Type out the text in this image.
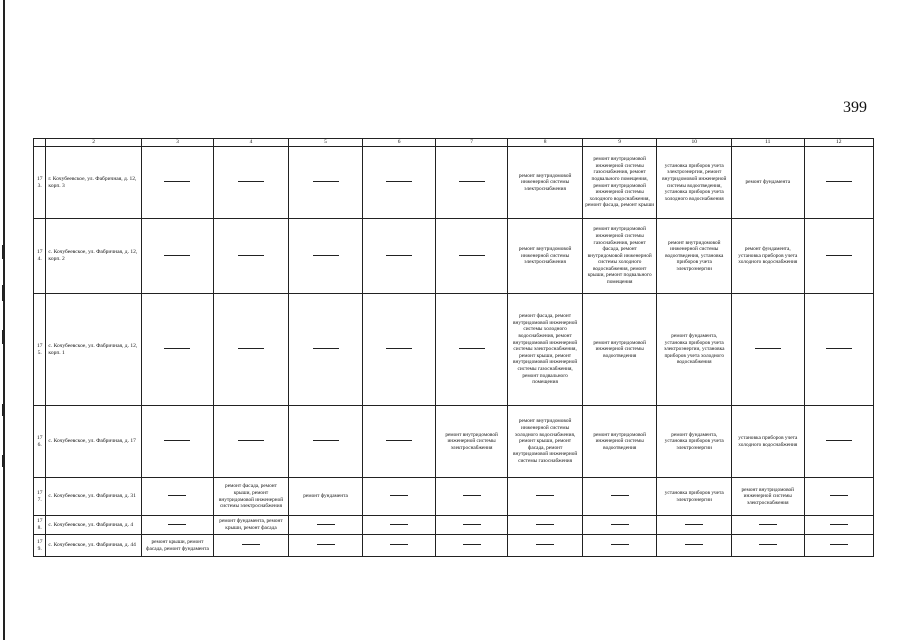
399
	2	3	4	5	6	7	8	9	10	11	12
173.	г. Кочубеевское, ул. Фабричная, д. 12, корп. 3						ремонт внутридомовой инженерной системы электроснабжения	ремонт внутридомовой инженерной системы газоснабжения, ремонт подвального помещения, ремонт внутридомовой инженерной системы холодного водоснабжения, ремонт фасада, ремонт крыши	установка приборов учета электроэнергии, ремонт внутридомовой инженерной системы водоотведения, установка приборов учета холодного водоснабжения	ремонт фундамента	
174.	с. Кочубеевское, ул. Фабричная, д. 12, корп. 2						ремонт внутридомовой инженерной системы электроснабжения	ремонт внутридомовой инженерной системы газоснабжения, ремонт фасада, ремонт внутридомовой инженерной системы холодного водоснабжения, ремонт крыши, ремонт подвального помещения	ремонт внутридомовой инженерной системы водоотведения, установка приборов учета электроэнергии	ремонт фундамента, установка приборов учета холодного водоснабжения	
175.	с. Кочубеевское, ул. Фабричная, д. 12, корп. 1						ремонт фасада, ремонт внутридомовой инженерной системы холодного водоснабжения, ремонт внутридомовой инженерной системы электроснабжения, ремонт крыши, ремонт внутридомовой инженерной системы газоснабжения, ремонт подвального помещения	ремонт внутридомовой инженерной системы водоотведения	ремонт фундамента, установка приборов учета электроэнергии, установка приборов учета холодного водоснабжения		
176.	с. Кочубеевское, ул. Фабричная, д. 17					ремонт внутридомовой инженерной системы электроснабжения	ремонт внутридомовой инженерной системы холодного водоснабжения, ремонт крыши, ремонт фасада, ремонт внутридомовой инженерной системы газоснабжения	ремонт внутридомовой инженерной системы водоотведения	ремонт фундамента, установка приборов учета электроэнергии	установка приборов учета холодного водоснабжения	
177.	с. Кочубеевское, ул. Фабричная, д. 31		ремонт фасада, ремонт крыши, ремонт внутридомовой инженерной системы электроснабжения	ремонт фундамента					установка приборов учета электроэнергии	ремонт внутридомовой инженерной системы электроснабжения	
178.	с. Кочубеевское, ул. Фабричная, д. 4		ремонт фундамента, ремонт крыши, ремонт фасада								
179.	с. Кочубеевское, ул. Фабричная, д. 44	ремонт крыши, ремонт фасада, ремонт фундамента									
